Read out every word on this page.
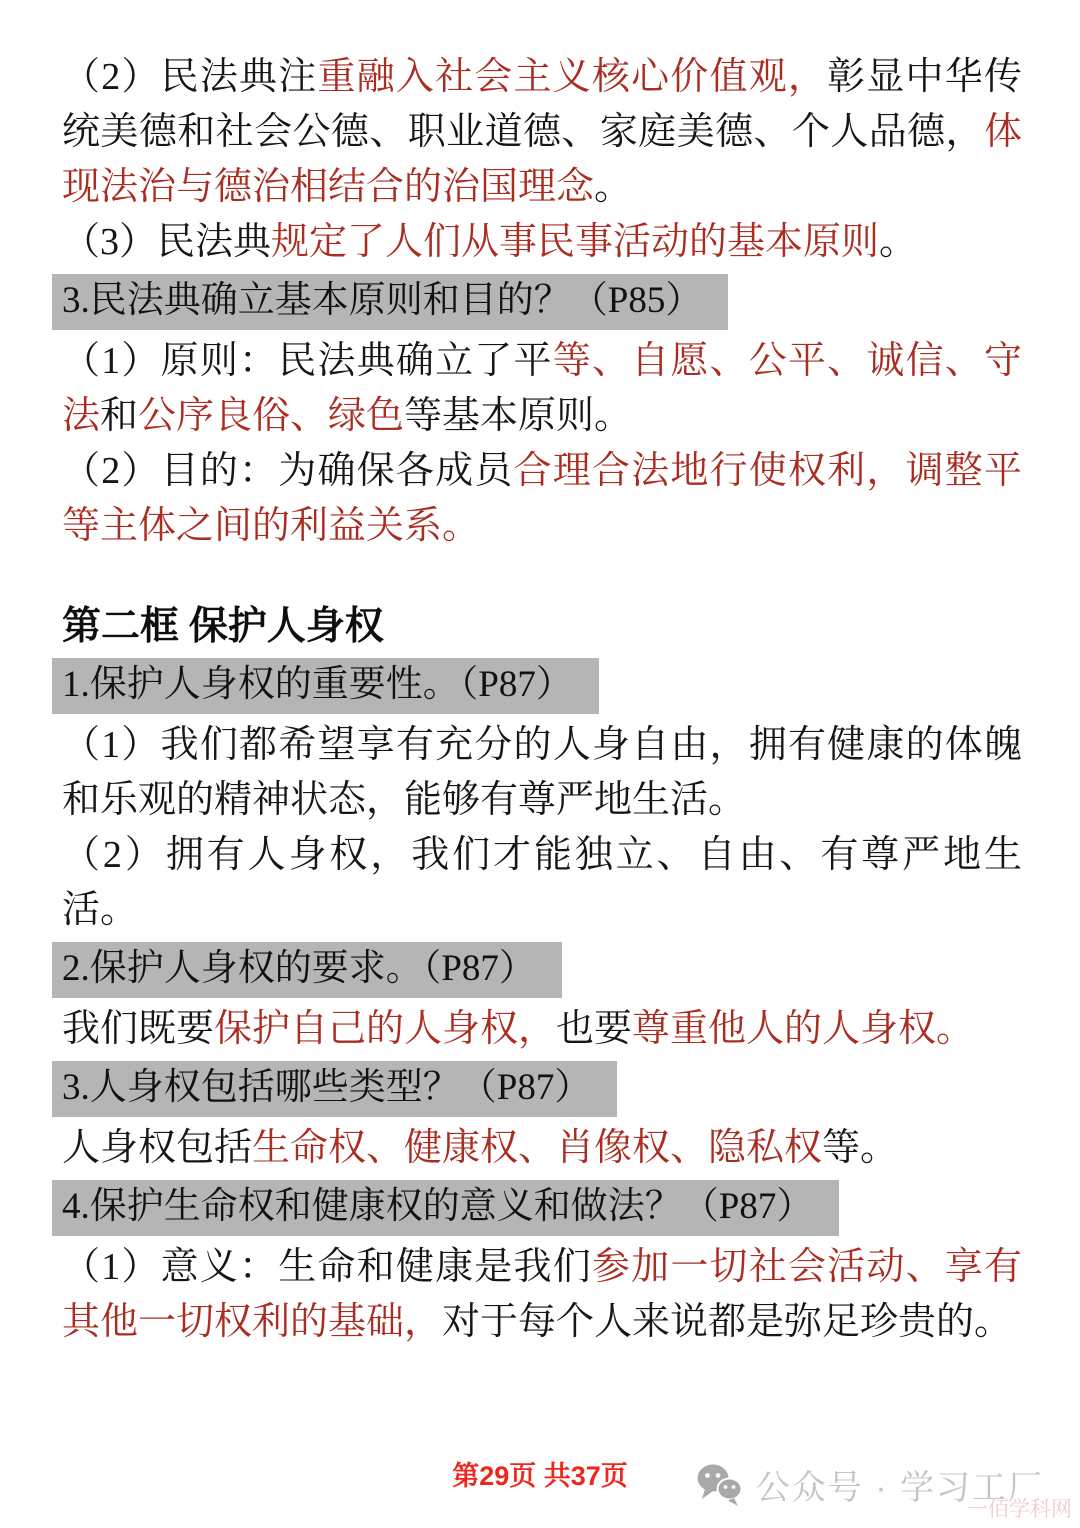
（2）民法典注重融入社会主义核心价值观，彰显中华传统美德和社会公德、职业道德、家庭美德、个人品德，体现法治与德治相结合的治国理念。

（3）民法典规定了人们从事民事活动的基本原则。

3.民法典确立基本原则和目的？（P85）

（1）原则：民法典确立了平等、自愿、公平、诚信、守法和公序良俗、绿色等基本原则。

（2）目的：为确保各成员合理合法地行使权利，调整平等主体之间的利益关系。

第二框 保护人身权
1.保护人身权的重要性。（P87）

（1）我们都希望享有充分的人身自由，拥有健康的体魄和乐观的精神状态，能够有尊严地生活。

（2）拥有人身权，我们才能独立、自由、有尊严地生活。

2.保护人身权的要求。（P87）

我们既要保护自己的人身权，也要尊重他人的人身权。

3.人身权包括哪些类型？（P87）

人身权包括生命权、健康权、肖像权、隐私权等。

4.保护生命权和健康权的意义和做法？（P87）

（1）意义：生命和健康是我们参加一切社会活动、享有其他一切权利的基础，对于每个人来说都是弥足珍贵的。

第29页 共37页	公众号 · 学习工厂
一佰学科网
